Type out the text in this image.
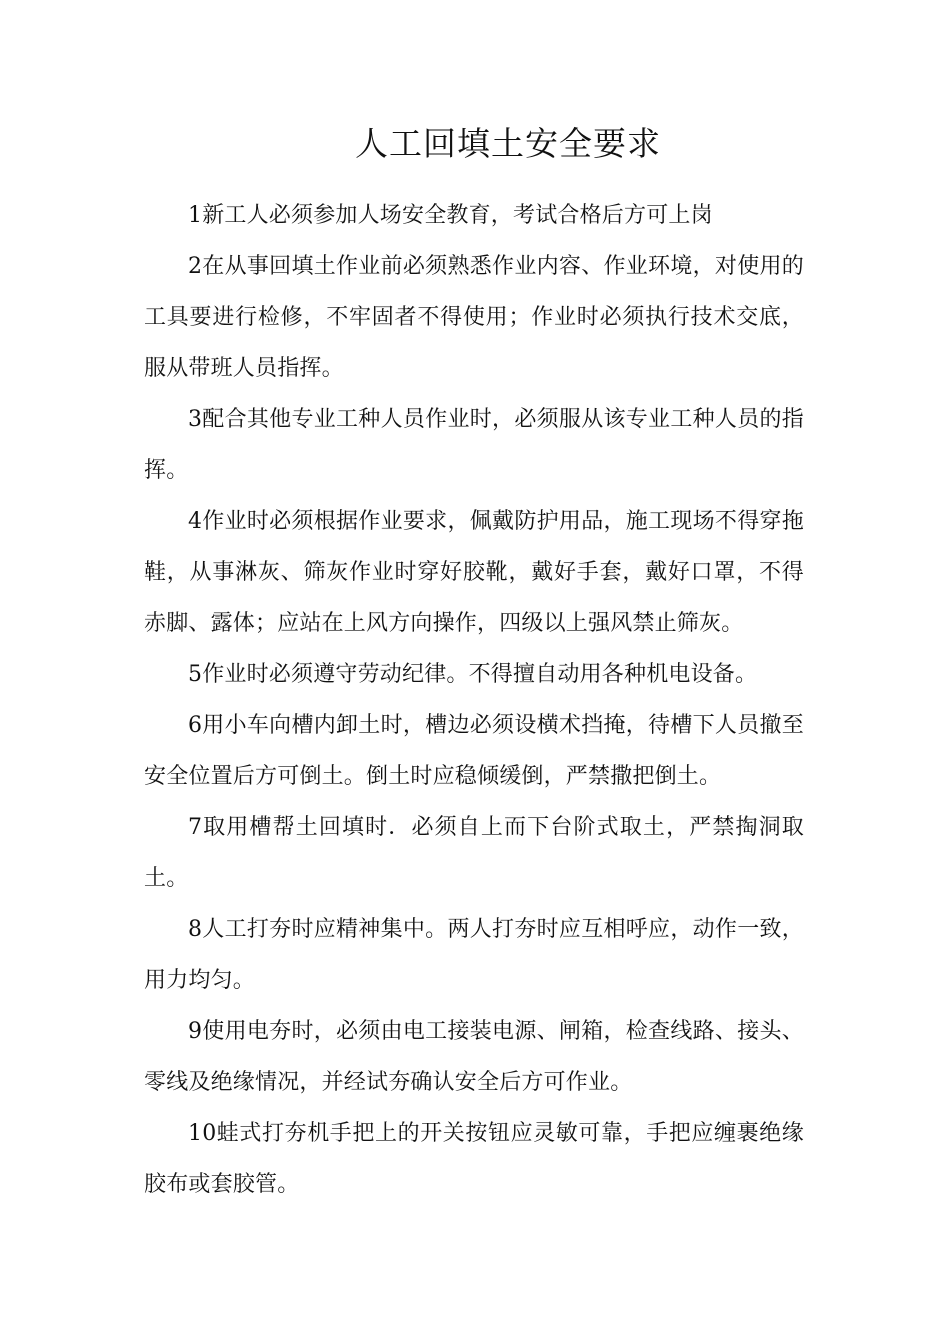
人工回填土安全要求

1新工人必须参加人场安全教育，考试合格后方可上岗

2在从事回填土作业前必须熟悉作业内容、作业环境，对使用的工具要进行检修，不牢固者不得使用；作业时必须执行技术交底，服从带班人员指挥。

3配合其他专业工种人员作业时，必须服从该专业工种人员的指挥。

4作业时必须根据作业要求，佩戴防护用品，施工现场不得穿拖鞋，从事淋灰、筛灰作业时穿好胶靴，戴好手套，戴好口罩，不得赤脚、露体；应站在上风方向操作，四级以上强风禁止筛灰。

5作业时必须遵守劳动纪律。不得擅自动用各种机电设备。

6用小车向槽内卸土时，槽边必须设横术挡掩，待槽下人员撤至安全位置后方可倒土。倒土时应稳倾缓倒，严禁撒把倒土。

7取用槽帮土回填时．必须自上而下台阶式取土，严禁掏洞取土。

8人工打夯时应精神集中。两人打夯时应互相呼应，动作一致，用力均匀。

9使用电夯时，必须由电工接装电源、闸箱，检查线路、接头、零线及绝缘情况，并经试夯确认安全后方可作业。

10蛙式打夯机手把上的开关按钮应灵敏可靠，手把应缠裹绝缘胶布或套胶管。
